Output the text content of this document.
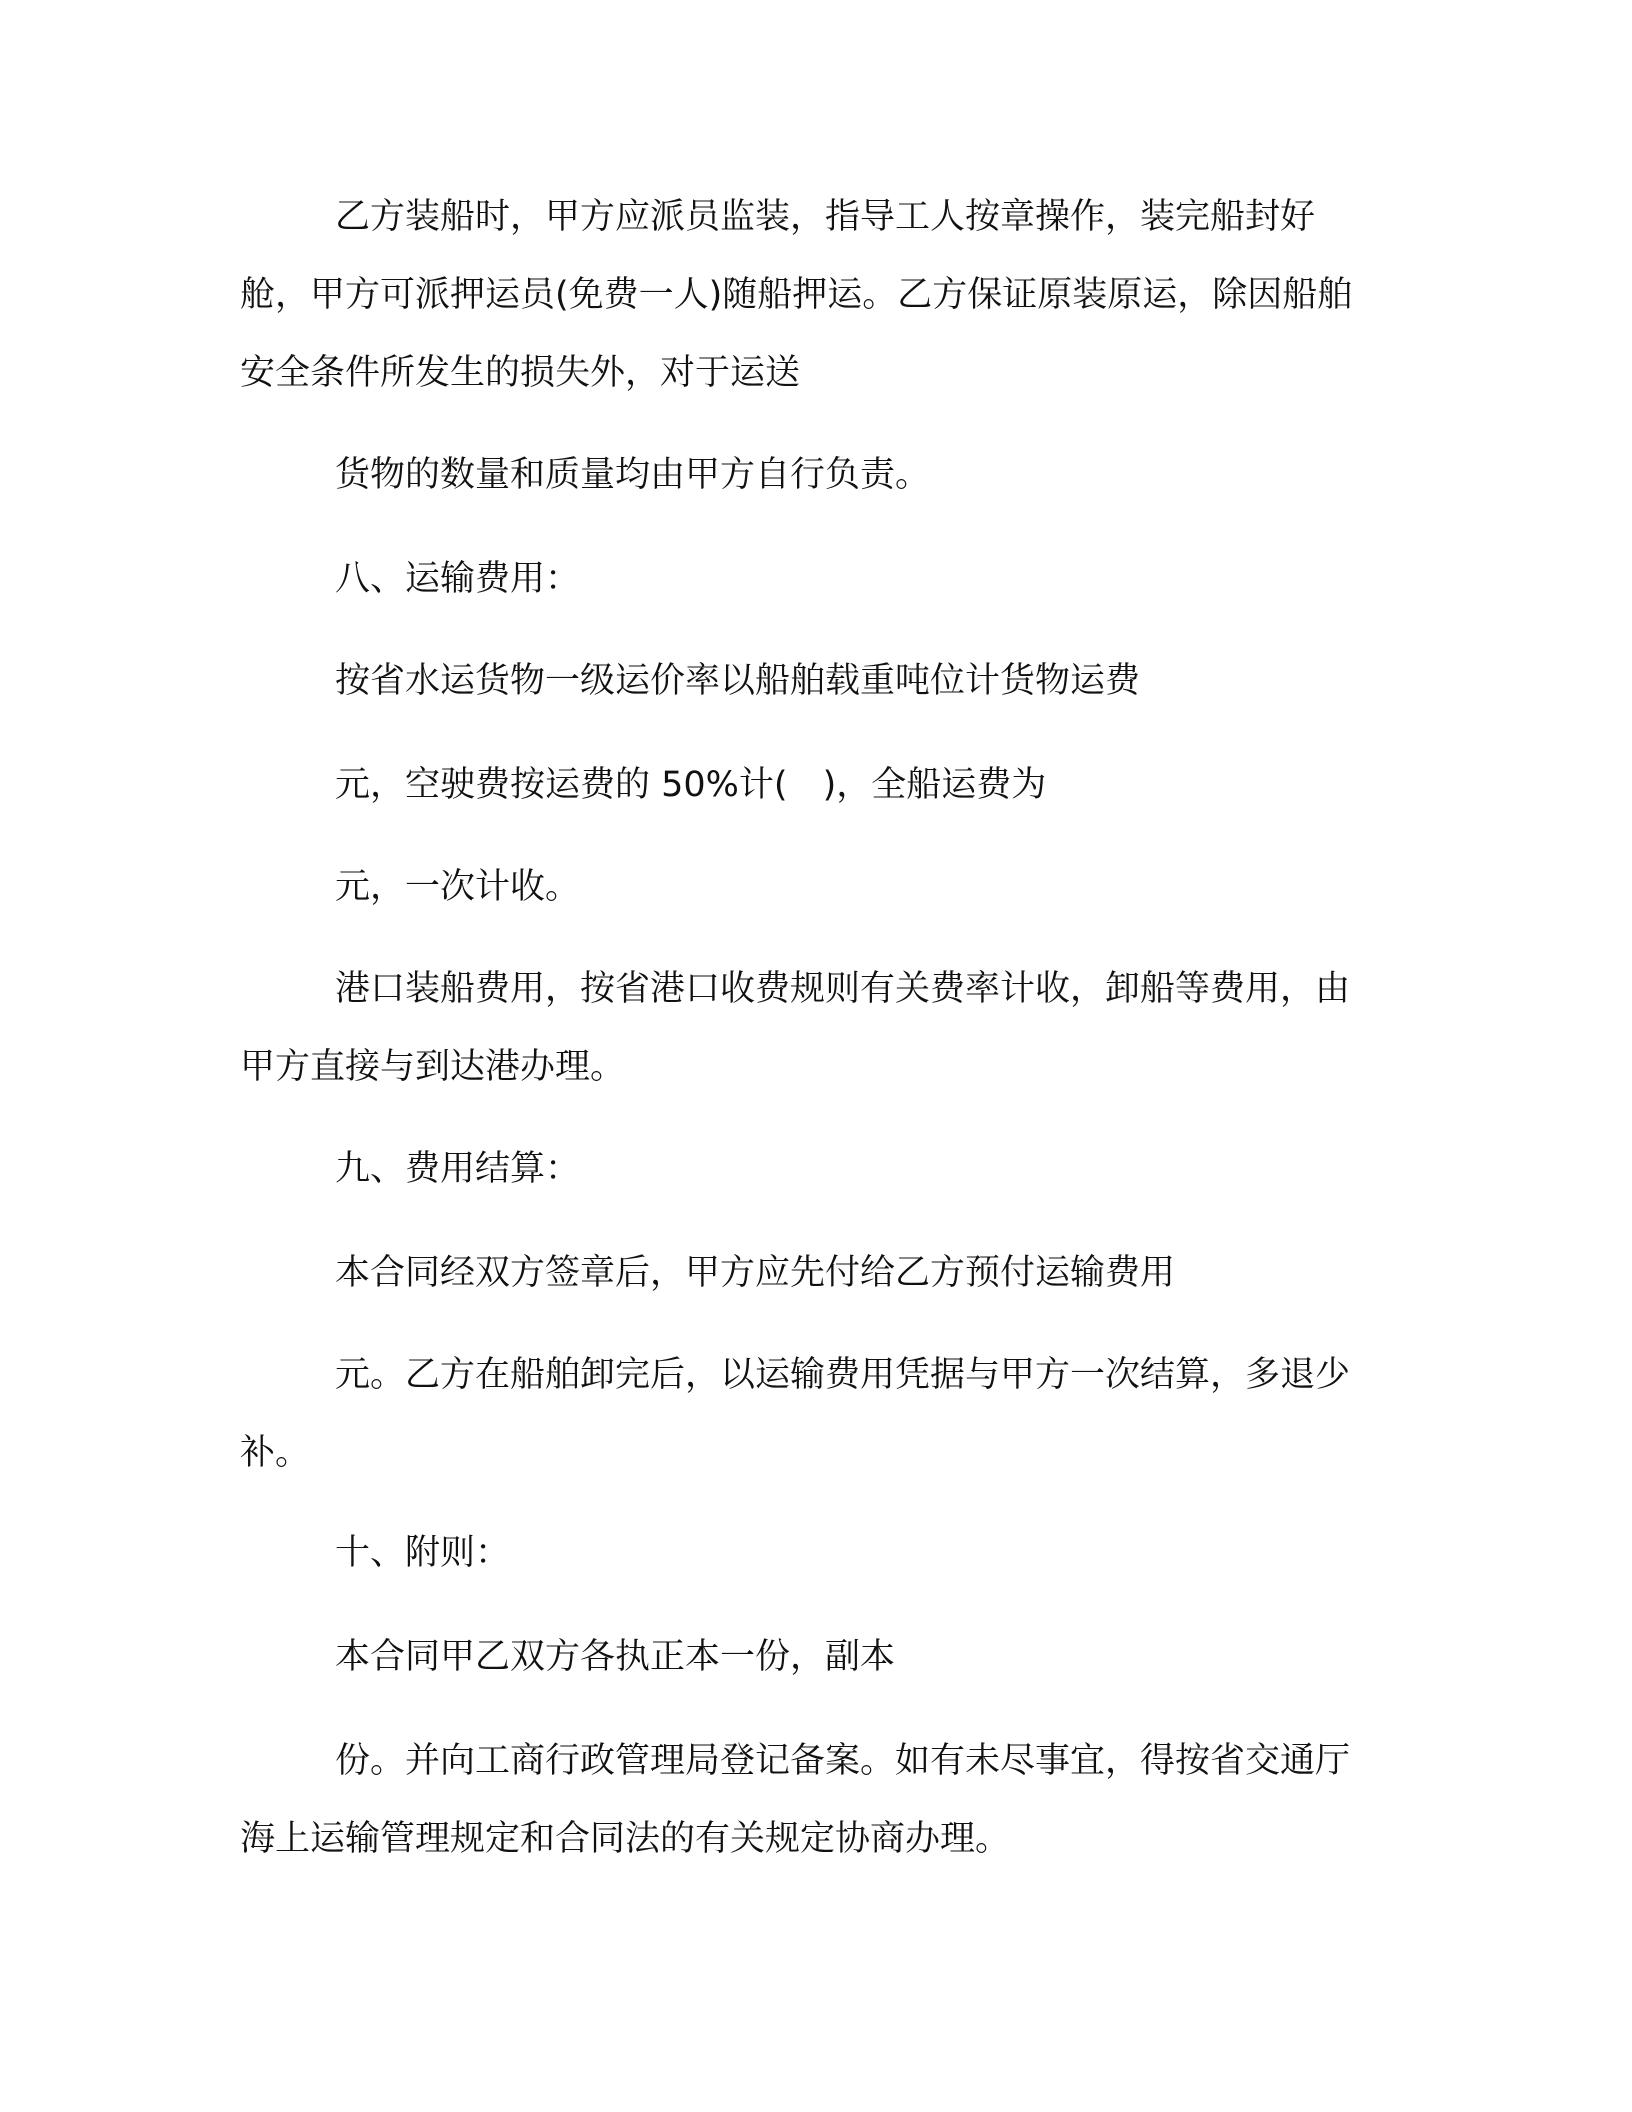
乙方装船时，甲方应派员监装，指导工人按章操作，装完船封好舱，甲方可派押运员(免费一人)随船押运。乙方保证原装原运，除因船舶安全条件所发生的损失外，对于运送

货物的数量和质量均由甲方自行负责。

八、运输费用：

按省水运货物一级运价率以船舶载重吨位计货物运费

元，空驶费按运费的 50%计(　)，全船运费为

元，一次计收。

港口装船费用，按省港口收费规则有关费率计收，卸船等费用，由甲方直接与到达港办理。

九、费用结算：

本合同经双方签章后，甲方应先付给乙方预付运输费用

元。乙方在船舶卸完后，以运输费用凭据与甲方一次结算，多退少补。

十、附则：

本合同甲乙双方各执正本一份，副本

份。并向工商行政管理局登记备案。如有未尽事宜，得按省交通厅海上运输管理规定和合同法的有关规定协商办理。
